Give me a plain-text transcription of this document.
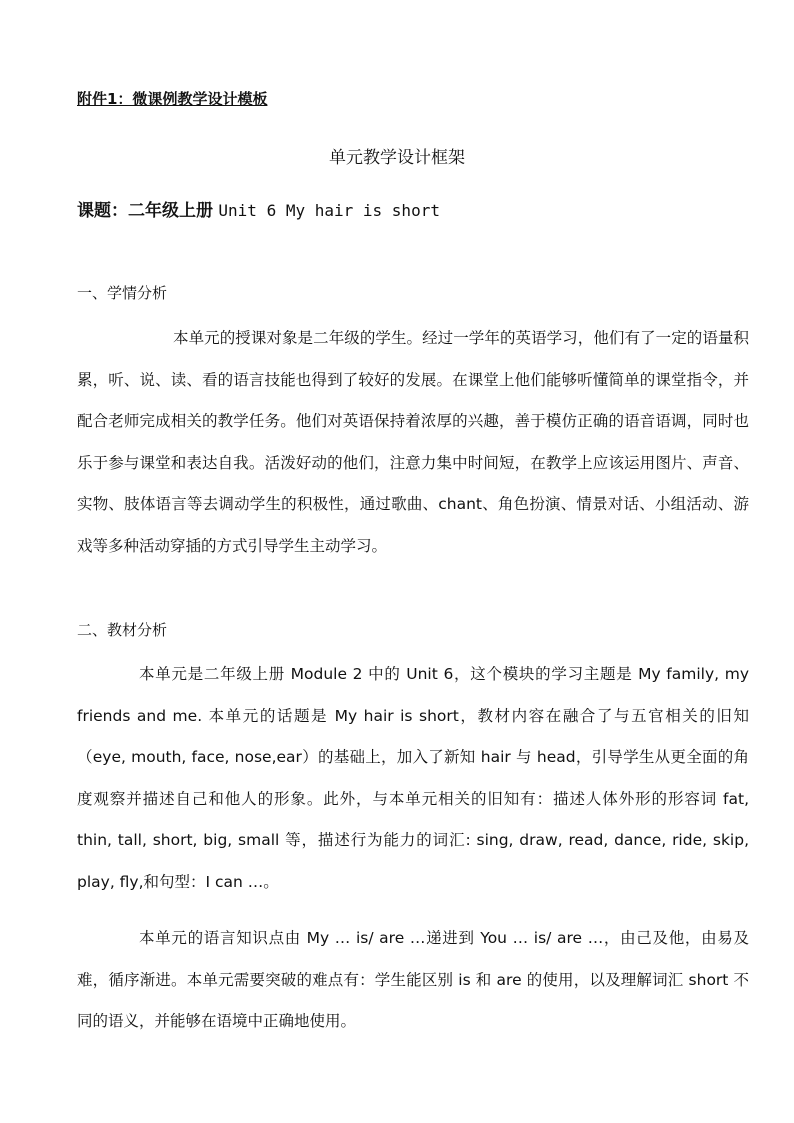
附件1：微课例教学设计模板
单元教学设计框架
课题：二年级上册 Unit 6 My hair is short
一、学情分析
本单元的授课对象是二年级的学生。经过一学年的英语学习，他们有了一定的语量积累，听、说、读、看的语言技能也得到了较好的发展。在课堂上他们能够听懂简单的课堂指令，并配合老师完成相关的教学任务。他们对英语保持着浓厚的兴趣，善于模仿正确的语音语调，同时也乐于参与课堂和表达自我。活泼好动的他们，注意力集中时间短，在教学上应该运用图片、声音、实物、肢体语言等去调动学生的积极性，通过歌曲、chant、角色扮演、情景对话、小组活动、游戏等多种活动穿插的方式引导学生主动学习。
二、教材分析
本单元是二年级上册 Module 2 中的 Unit 6，这个模块的学习主题是 My family, my friends and me. 本单元的话题是 My hair is short，教材内容在融合了与五官相关的旧知（eye, mouth, face, nose,ear）的基础上，加入了新知 hair 与 head，引导学生从更全面的角度观察并描述自己和他人的形象。此外，与本单元相关的旧知有：描述人体外形的形容词 fat, thin, tall, short, big, small 等，描述行为能力的词汇: sing, draw, read, dance, ride, skip, play, fly,和句型：I can …。
本单元的语言知识点由 My … is/ are …递进到 You … is/ are …，由己及他，由易及难，循序渐进。本单元需要突破的难点有：学生能区别 is 和 are 的使用，以及理解词汇 short 不同的语义，并能够在语境中正确地使用。
